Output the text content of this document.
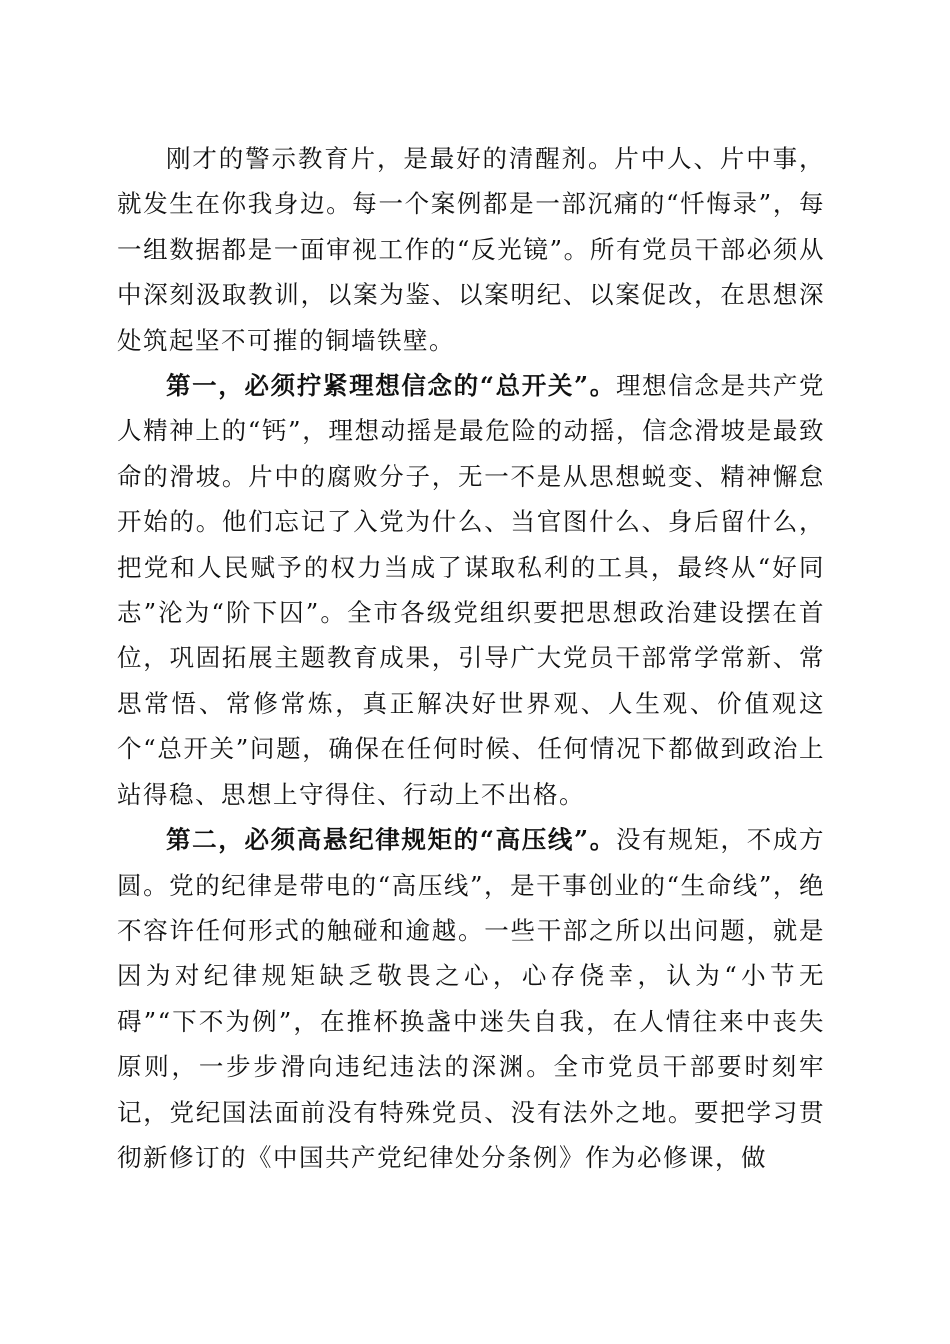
刚才的警示教育片，是最好的清醒剂。片中人、片中事，就发生在你我身边。每一个案例都是一部沉痛的“忏悔录”，每一组数据都是一面审视工作的“反光镜”。所有党员干部必须从中深刻汲取教训，以案为鉴、以案明纪、以案促改，在思想深处筑起坚不可摧的铜墙铁壁。

第一，必须拧紧理想信念的“总开关”。理想信念是共产党人精神上的“钙”，理想动摇是最危险的动摇，信念滑坡是最致命的滑坡。片中的腐败分子，无一不是从思想蜕变、精神懈怠开始的。他们忘记了入党为什么、当官图什么、身后留什么，把党和人民赋予的权力当成了谋取私利的工具，最终从“好同志”沦为“阶下囚”。全市各级党组织要把思想政治建设摆在首位，巩固拓展主题教育成果，引导广大党员干部常学常新、常思常悟、常修常炼，真正解决好世界观、人生观、价值观这个“总开关”问题，确保在任何时候、任何情况下都做到政治上站得稳、思想上守得住、行动上不出格。

第二，必须高悬纪律规矩的“高压线”。没有规矩，不成方圆。党的纪律是带电的“高压线”，是干事创业的“生命线”，绝不容许任何形式的触碰和逾越。一些干部之所以出问题，就是因为对纪律规矩缺乏敬畏之心，心存侥幸，认为“小节无碍”“下不为例”，在推杯换盏中迷失自我，在人情往来中丧失原则，一步步滑向违纪违法的深渊。全市党员干部要时刻牢记，党纪国法面前没有特殊党员、没有法外之地。要把学习贯彻新修订的《中国共产党纪律处分条例》作为必修课，做
